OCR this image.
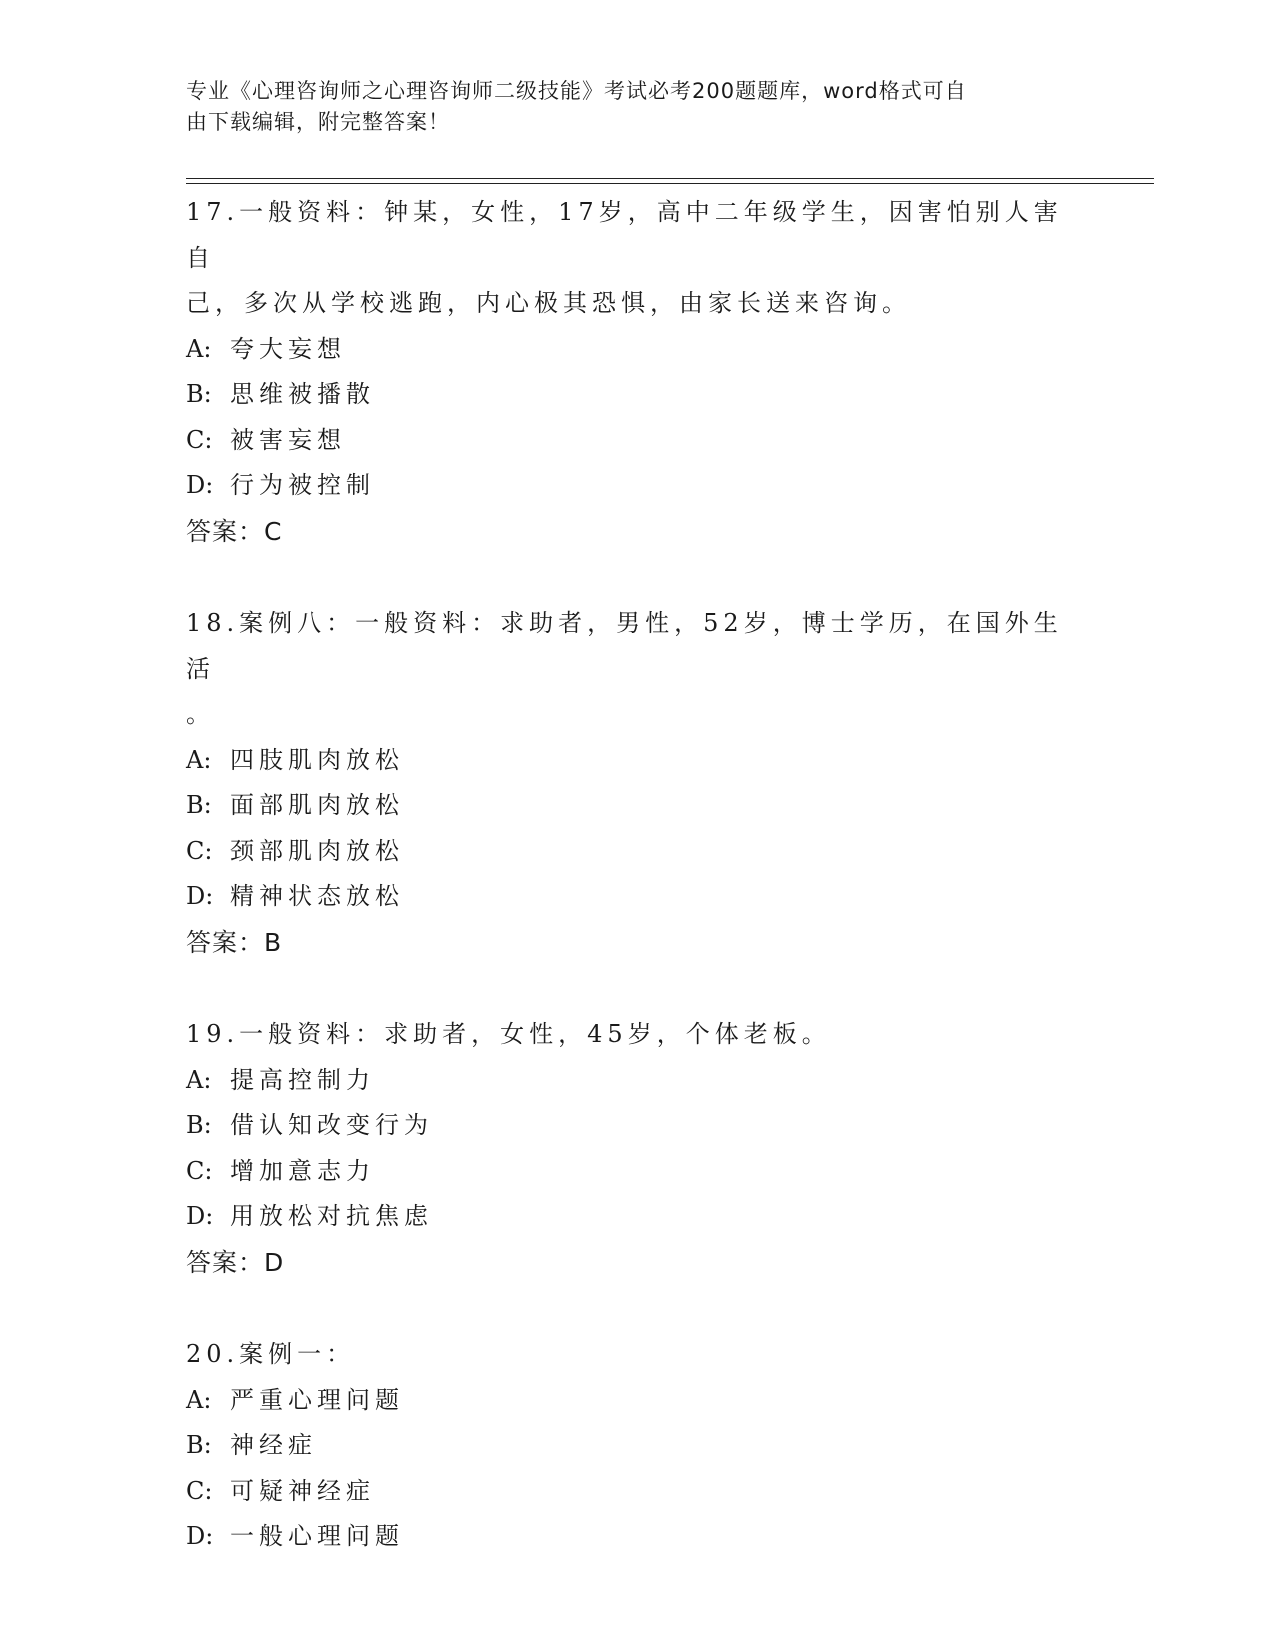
专业《心理咨询师之心理咨询师二级技能》考试必考200题题库，word格式可自
由下载编辑，附完整答案！
17.一般资料：钟某，女性，17岁，高中二年级学生，因害怕别人害自
己，多次从学校逃跑，内心极其恐惧，由家长送来咨询。
A: 夸大妄想
B: 思维被播散
C: 被害妄想
D: 行为被控制
答案：C
18.案例八：一般资料：求助者，男性，52岁，博士学历，在国外生活
。
A: 四肢肌肉放松
B: 面部肌肉放松
C: 颈部肌肉放松
D: 精神状态放松
答案：B
19.一般资料：求助者，女性，45岁，个体老板。
A: 提高控制力
B: 借认知改变行为
C: 增加意志力
D: 用放松对抗焦虑
答案：D
20.案例一：
A: 严重心理问题
B: 神经症
C: 可疑神经症
D: 一般心理问题
